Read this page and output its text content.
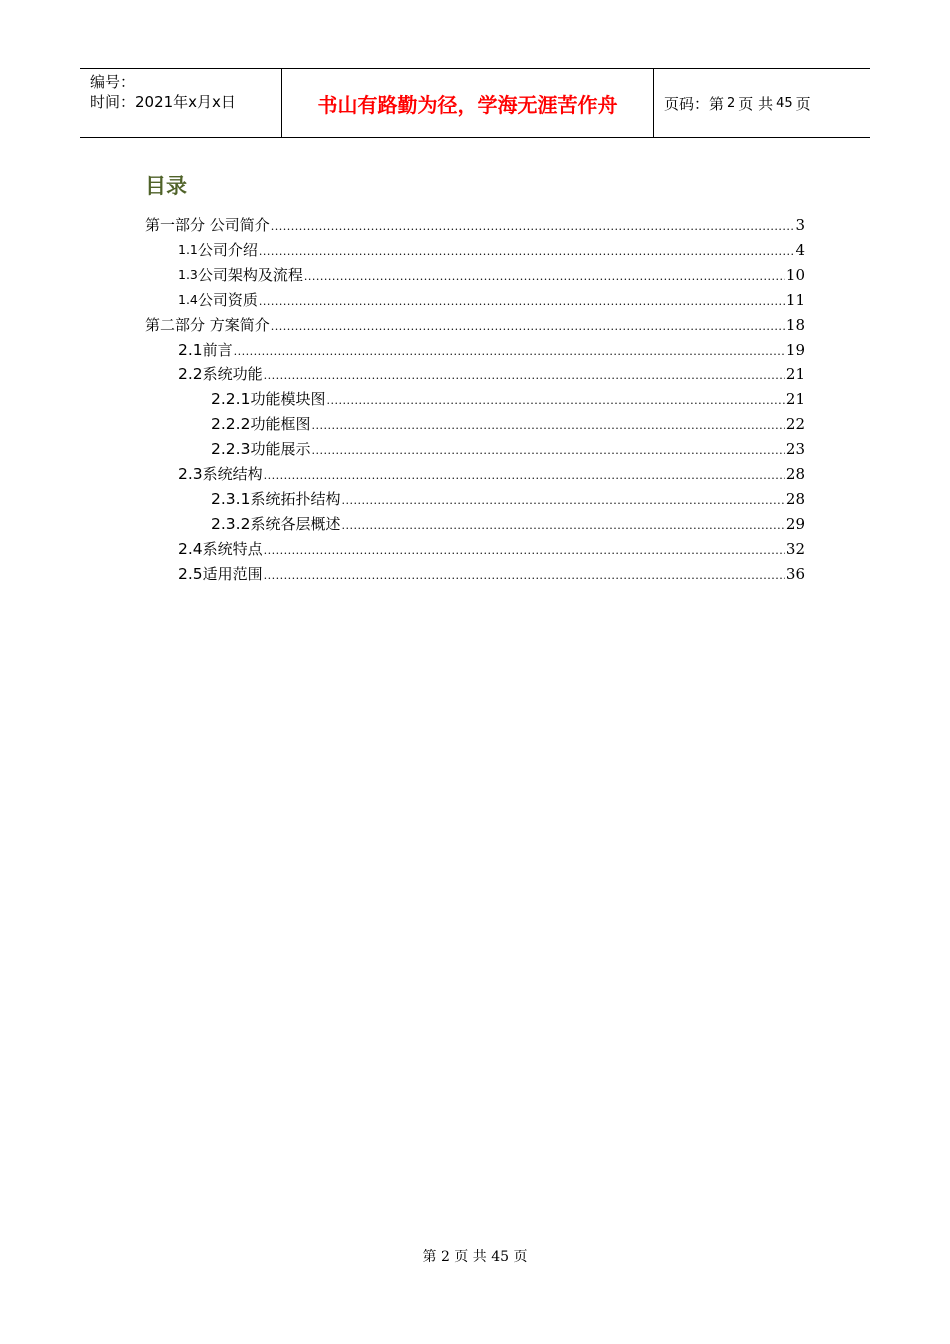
编号：
时间：2021年x月x日	书山有路勤为径，学海无涯苦作舟	页码：第 2 页 共 45 页
目录
第一部分 公司简介 .....	3
1.1 公司介绍 .....	4
1.3 公司架构及流程 .....	10
1.4 公司资质 .....	11
第二部分 方案简介 .....	18
2.1 前言 .....	19
2.2 系统功能 .....	21
2.2.1 功能模块图 .....	21
2.2.2 功能框图 .....	22
2.2.3 功能展示 .....	23
2.3 系统结构 .....	28
2.3.1 系统拓扑结构 .....	28
2.3.2 系统各层概述 .....	29
2.4 系统特点 .....	32
2.5 适用范围 .....	36
第 2 页 共 45 页
